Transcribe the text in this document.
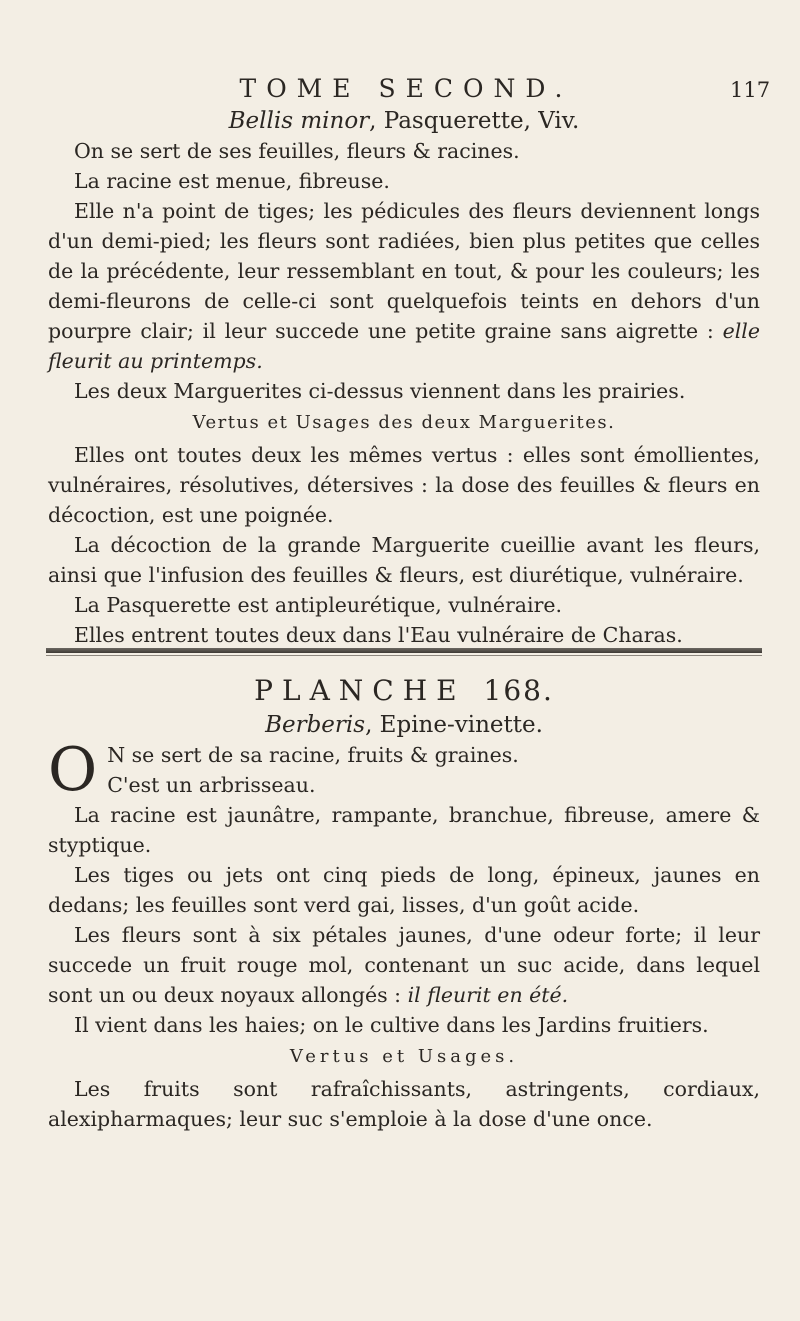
TOME SECOND.	117
Bellis minor, Pasquerette, Viv.

On se sert de ses feuilles, fleurs & racines.

La racine est menue, fibreuse.

Elle n'a point de tiges; les pédicules des fleurs deviennent longs d'un demi-pied; les fleurs sont radiées, bien plus petites que celles de la précédente, leur ressemblant en tout, & pour les couleurs; les demi-fleurons de celle-ci sont quelquefois teints en dehors d'un pourpre clair; il leur succede une petite graine sans aigrette : elle fleurit au printemps.

Les deux Marguerites ci-dessus viennent dans les prairies.

Vertus et Usages des deux Marguerites.

Elles ont toutes deux les mêmes vertus : elles sont émollientes, vulnéraires, résolutives, détersives : la dose des feuilles & fleurs en décoction, est une poignée.

La décoction de la grande Marguerite cueillie avant les fleurs, ainsi que l'infusion des feuilles & fleurs, est diurétique, vulnéraire.

La Pasquerette est antipleurétique, vulnéraire.

Elles entrent toutes deux dans l'Eau vulnéraire de Charas.

PLANCHE 168.
Berberis, Epine-vinette.
O N se sert de sa racine, fruits & graines.

C'est un arbrisseau.

La racine est jaunâtre, rampante, branchue, fibreuse, amere & styptique.

Les tiges ou jets ont cinq pieds de long, épineux, jaunes en dedans; les feuilles sont verd gai, lisses, d'un goût acide.

Les fleurs sont à six pétales jaunes, d'une odeur forte; il leur succede un fruit rouge mol, contenant un suc acide, dans lequel sont un ou deux noyaux allongés : il fleurit en été.

Il vient dans les haies; on le cultive dans les Jardins fruitiers.

Vertus et Usages.

Les fruits sont rafraîchissants, astringents, cordiaux, alexipharmaques; leur suc s'emploie à la dose d'une once.
